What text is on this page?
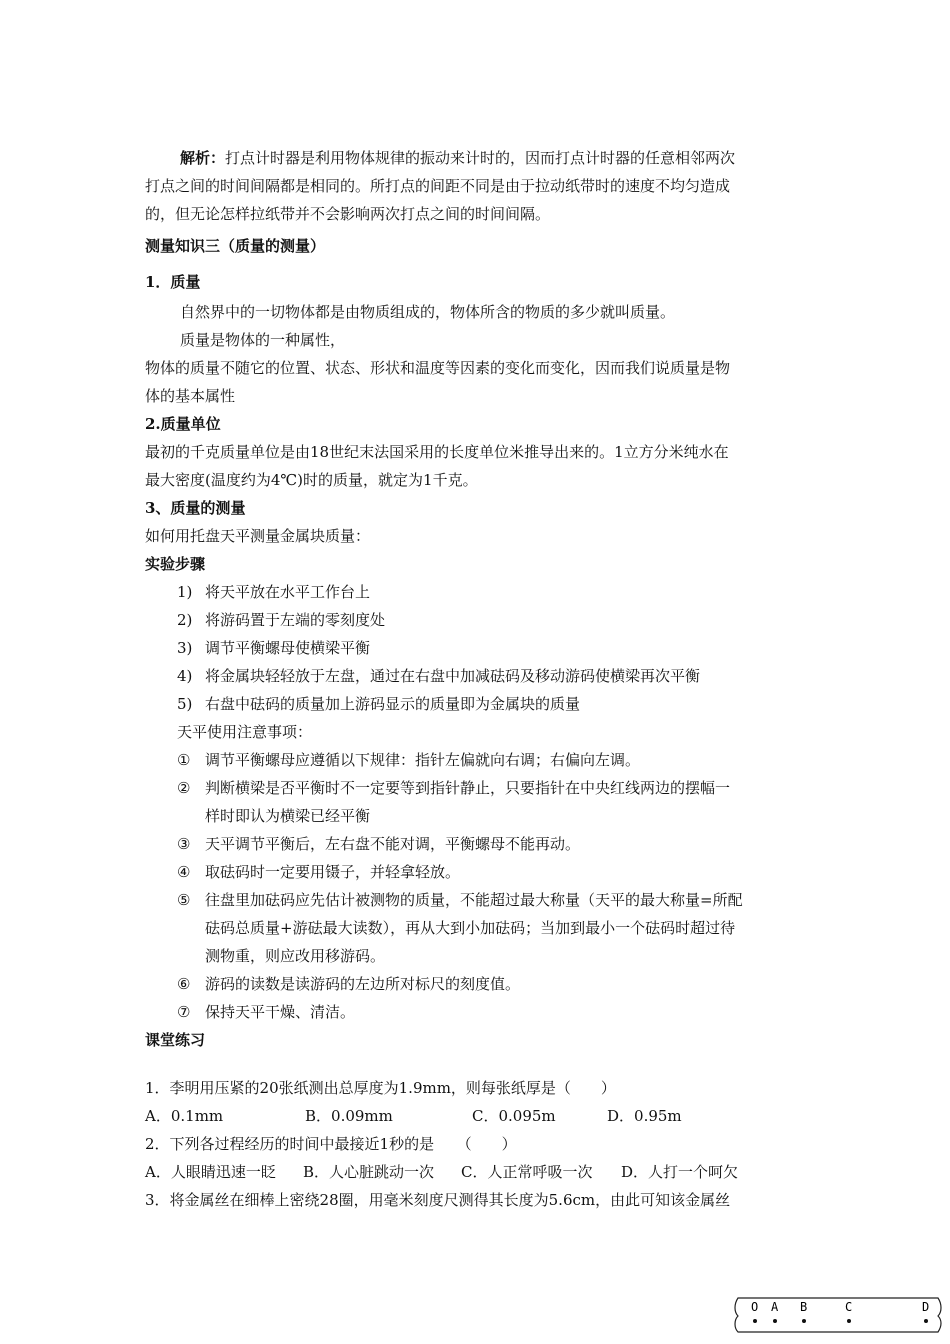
解析：打点计时器是利用物体规律的振动来计时的，因而打点计时器的任意相邻两次
打点之间的时间间隔都是相同的。所打点的间距不同是由于拉动纸带时的速度不均匀造成
的，但无论怎样拉纸带并不会影响两次打点之间的时间间隔。
测量知识三（质量的测量）
1．质量
自然界中的一切物体都是由物质组成的，物体所含的物质的多少就叫质量。
质量是物体的一种属性，
物体的质量不随它的位置、状态、形状和温度等因素的变化而变化，因而我们说质量是物
体的基本属性
2.质量单位
最初的千克质量单位是由18世纪末法国采用的长度单位米推导出来的。1立方分米纯水在
最大密度(温度约为4℃)时的质量，就定为1千克。
3、质量的测量
如何用托盘天平测量金属块质量：
实验步骤
1) 将天平放在水平工作台上
2) 将游码置于左端的零刻度处
3) 调节平衡螺母使横梁平衡
4) 将金属块轻轻放于左盘，通过在右盘中加减砝码及移动游码使横梁再次平衡
5) 右盘中砝码的质量加上游码显示的质量即为金属块的质量
天平使用注意事项：
① 调节平衡螺母应遵循以下规律：指针左偏就向右调；右偏向左调。
② 判断横梁是否平衡时不一定要等到指针静止，只要指针在中央红线两边的摆幅一
样时即认为横梁已经平衡
③ 天平调节平衡后，左右盘不能对调，平衡螺母不能再动。
④ 取砝码时一定要用镊子，并轻拿轻放。
⑤ 往盘里加砝码应先估计被测物的质量，不能超过最大称量（天平的最大称量=所配
砝码总质量+游砝最大读数），再从大到小加砝码；当加到最小一个砝码时超过待
测物重，则应改用移游码。
⑥ 游码的读数是读游码的左边所对标尺的刻度值。
⑦ 保持天平干燥、清洁。
课堂练习
1．李明用压紧的20张纸测出总厚度为1.9mm，则每张纸厚是（　　）
A．0.1mm	B．0.09mm	C．0.095m	D．0.95m
2．下列各过程经历的时间中最接近1秒的是　　（　　）
A．人眼睛迅速一眨 B．人心脏跳动一次 C．人正常呼吸一次 D．人打一个呵欠
3．将金属丝在细棒上密绕28圈，用毫米刻度尺测得其长度为5.6cm，由此可知该金属丝
O A B	C	D
